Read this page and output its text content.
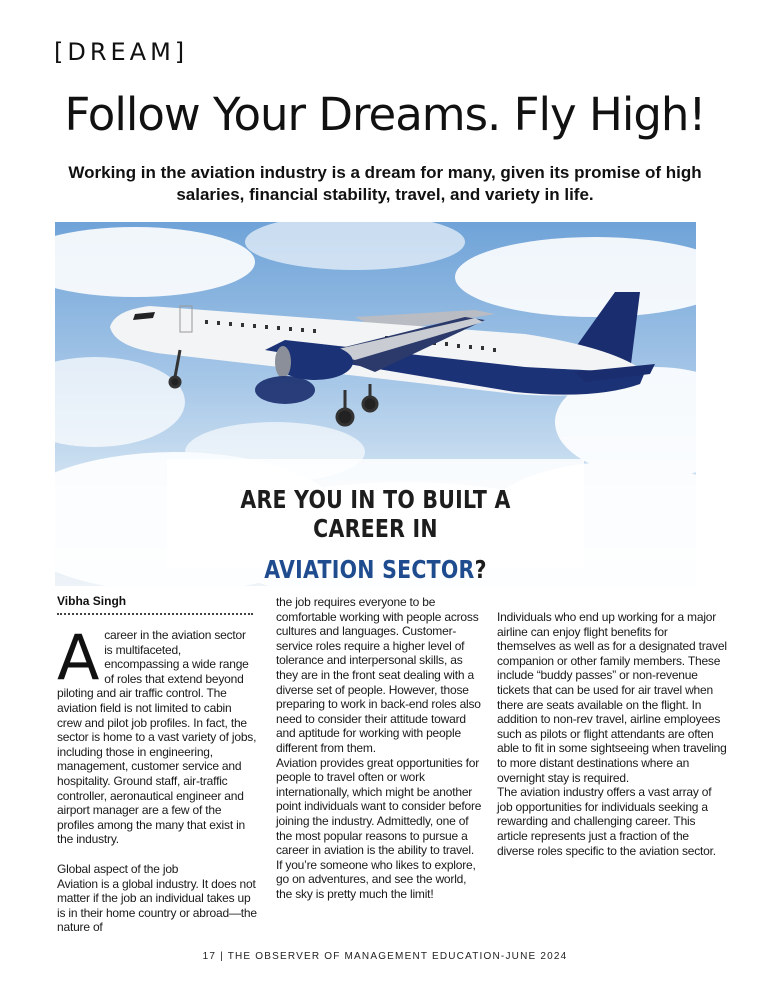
[DREAM]
Follow Your Dreams. Fly High!

Working in the aviation industry is a dream for many, given its promise of high salaries, financial stability, travel, and variety in life.

ARE YOU IN TO BUILT A CAREER IN
AVIATION SECTOR?
Vibha Singh

Acareer in the aviation sector is multifaceted, encompassing a wide range of roles that extend beyond piloting and air traffic control. The aviation field is not limited to cabin crew and pilot job profiles. In fact, the sector is home to a vast variety of jobs, including those in engineering, management, customer service and hospitality. Ground staff, air-traffic controller, aeronautical engineer and airport manager are a few of the profiles among the many that exist in the industry.

Global aspect of the job

Aviation is a global industry. It does not matter if the job an individual takes up is in their home country or abroad—the nature of

the job requires everyone to be comfortable working with people across cultures and languages. Customer-service roles require a higher level of tolerance and interpersonal skills, as they are in the front seat dealing with a diverse set of people. However, those preparing to work in back-end roles also need to consider their attitude toward and aptitude for working with people different from them.

Aviation provides great opportunities for people to travel often or work internationally, which might be another point individuals want to consider before joining the industry. Admittedly, one of the most popular reasons to pursue a career in aviation is the ability to travel. If you’re someone who likes to explore, go on adventures, and see the world, the sky is pretty much the limit!

Individuals who end up working for a major airline can enjoy flight benefits for themselves as well as for a designated travel companion or other family members. These include “buddy passes” or non-revenue tickets that can be used for air travel when there are seats available on the flight. In addition to non-rev travel, airline employees such as pilots or flight attendants are often able to fit in some sightseeing when traveling to more distant destinations where an overnight stay is required.

The aviation industry offers a vast array of job opportunities for individuals seeking a rewarding and challenging career. This article represents just a fraction of the diverse roles specific to the aviation sector.

17 | THE OBSERVER OF MANAGEMENT EDUCATION-JUNE 2024
